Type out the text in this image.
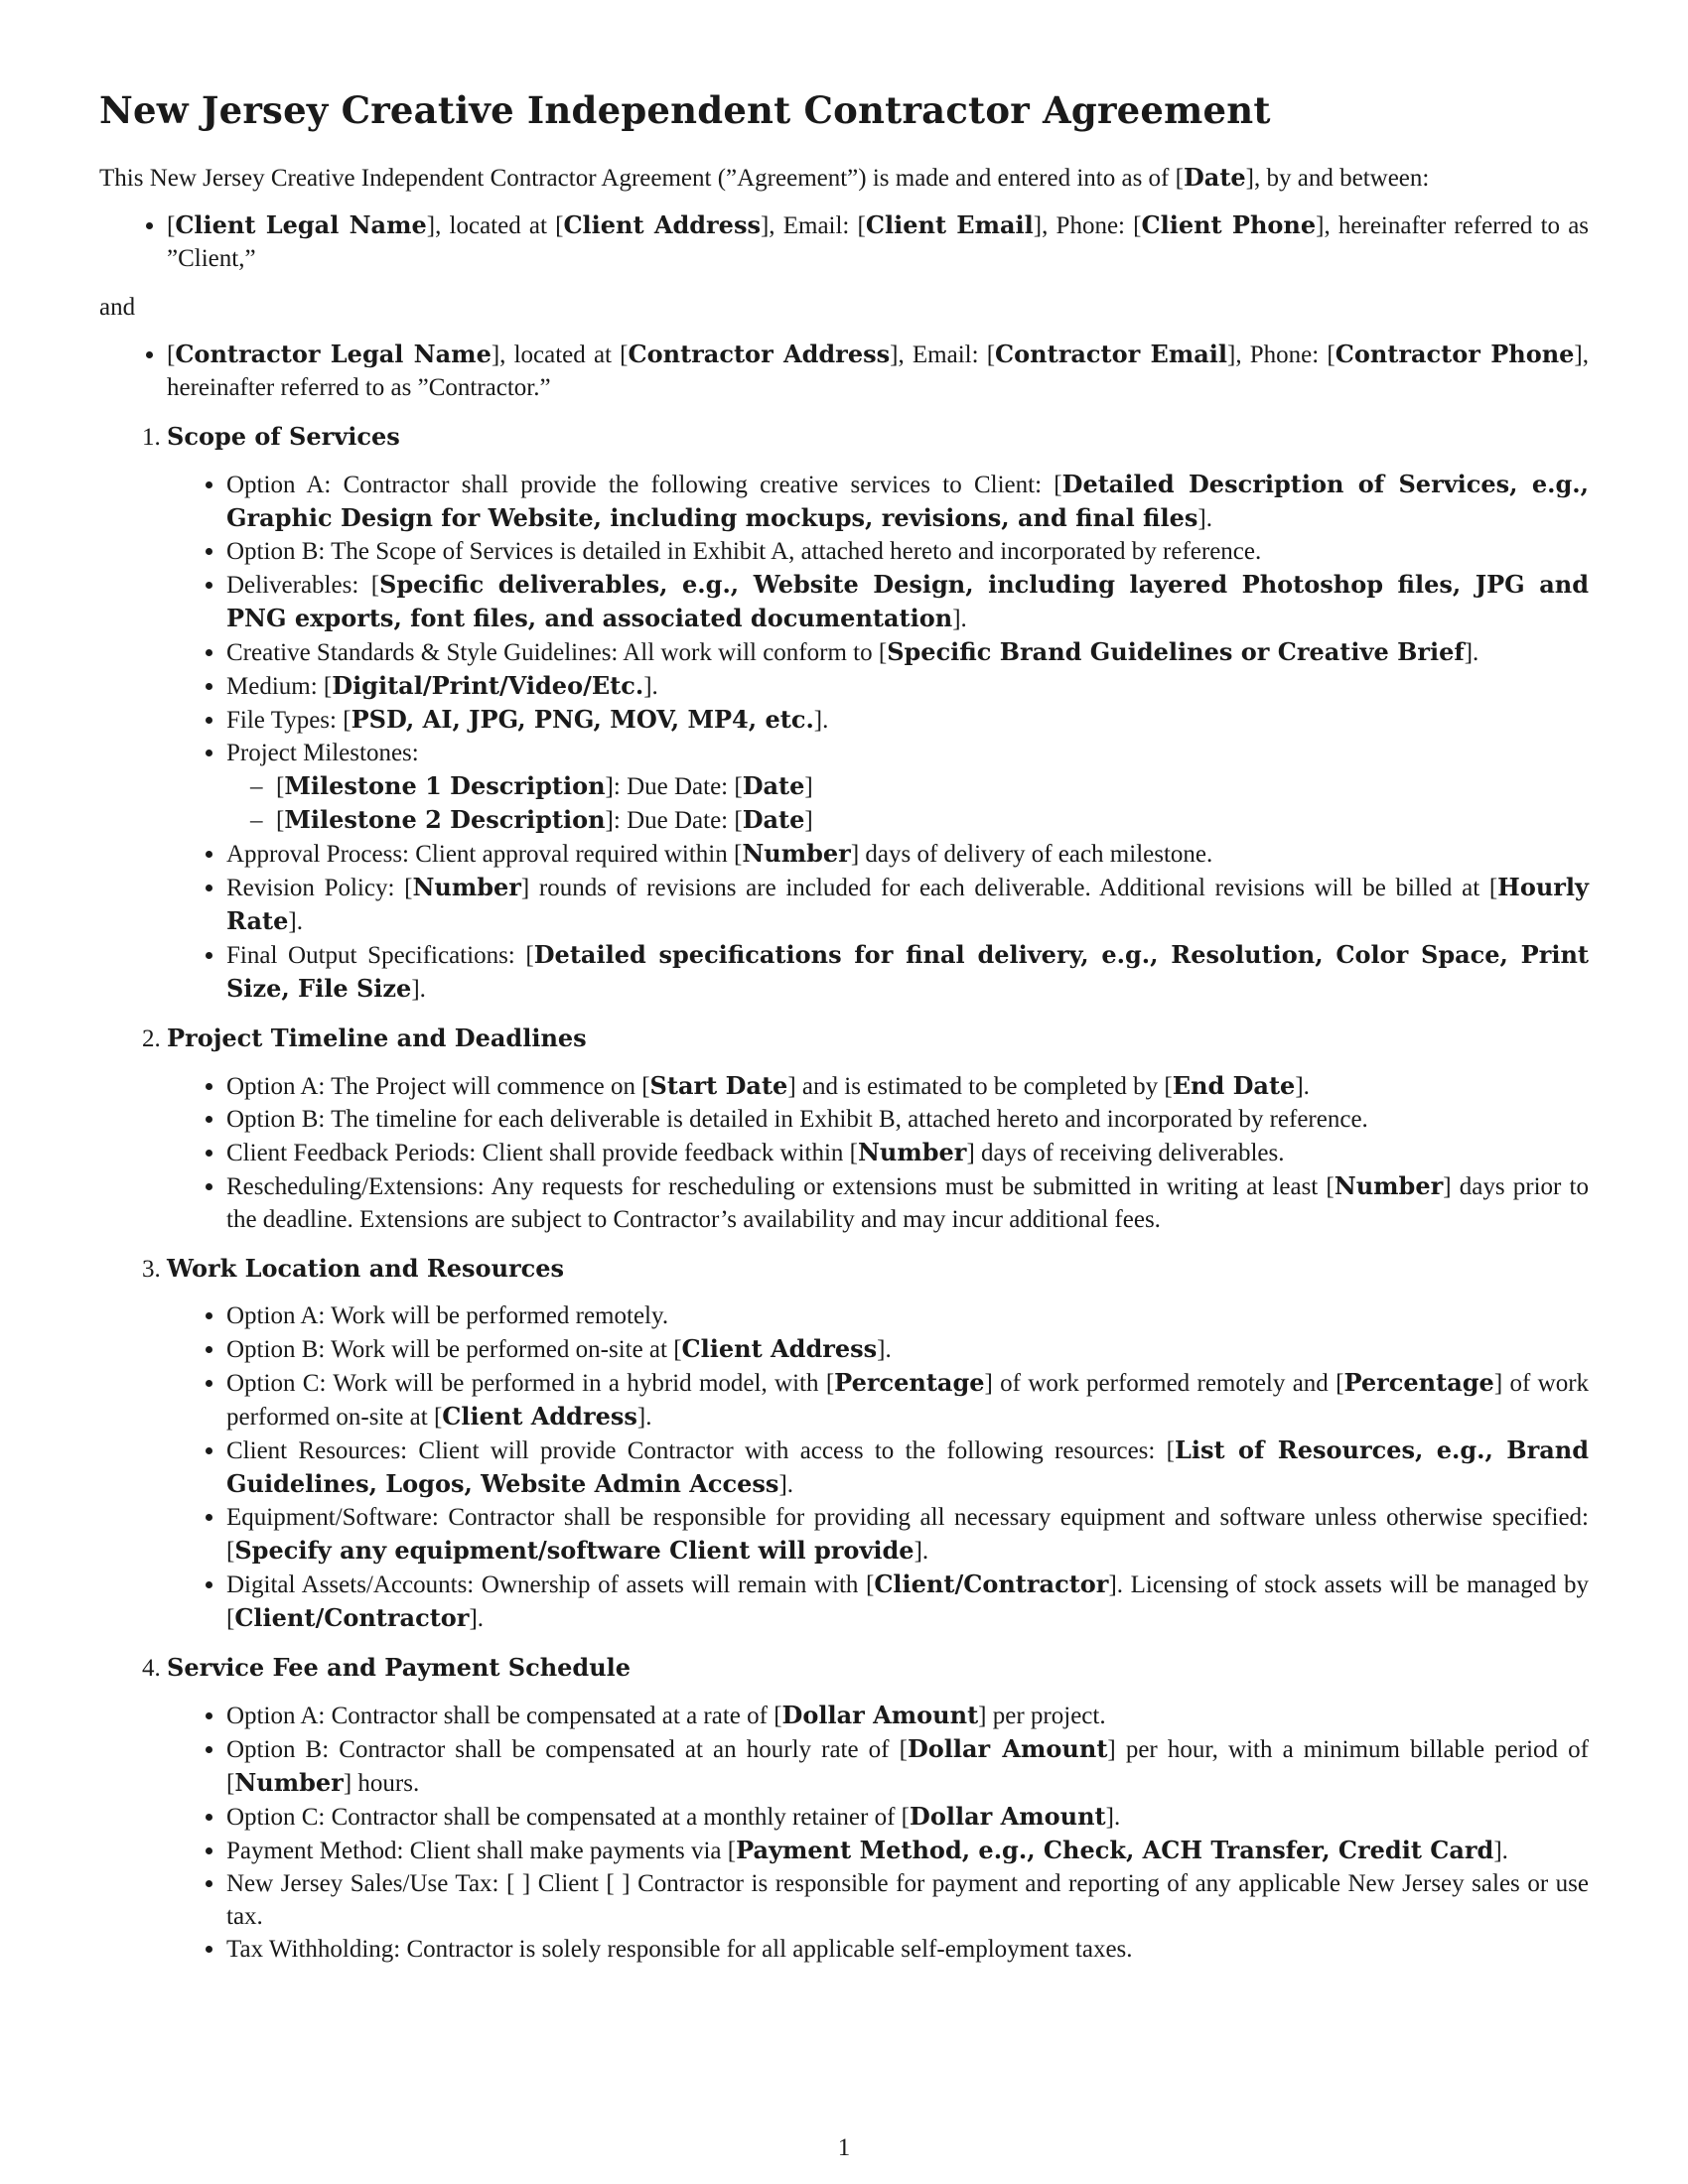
New Jersey Creative Independent Contractor Agreement

This New Jersey Creative Independent Contractor Agreement (”Agreement”) is made and entered into as of [Date], by and between:

• [Client Legal Name], located at [Client Address], Email: [Client Email], Phone: [Client Phone], hereinafter referred to as ”Client,”

and

• [Contractor Legal Name], located at [Contractor Address], Email: [Contractor Email], Phone: [Contractor Phone], hereinafter referred to as ”Contractor.”
1. Scope of Services
• Option A: Contractor shall provide the following creative services to Client: [Detailed Description of Services, e.g., Graphic Design for Website, including mockups, revisions, and final files].
• Option B: The Scope of Services is detailed in Exhibit A, attached hereto and incorporated by reference.
• Deliverables: [Specific deliverables, e.g., Website Design, including layered Photoshop files, JPG and PNG exports, font files, and associated documentation].
• Creative Standards & Style Guidelines: All work will conform to [Specific Brand Guidelines or Creative Brief].
• Medium: [Digital/Print/Video/Etc.].
• File Types: [PSD, AI, JPG, PNG, MOV, MP4, etc.].
• Project Milestones:
– [Milestone 1 Description]: Due Date: [Date]
– [Milestone 2 Description]: Due Date: [Date]
• Approval Process: Client approval required within [Number] days of delivery of each milestone.
• Revision Policy: [Number] rounds of revisions are included for each deliverable. Additional revisions will be billed at [Hourly Rate].
• Final Output Specifications: [Detailed specifications for final delivery, e.g., Resolution, Color Space, Print Size, File Size].
2. Project Timeline and Deadlines
• Option A: The Project will commence on [Start Date] and is estimated to be completed by [End Date].
• Option B: The timeline for each deliverable is detailed in Exhibit B, attached hereto and incorporated by reference.
• Client Feedback Periods: Client shall provide feedback within [Number] days of receiving deliverables.
• Rescheduling/Extensions: Any requests for rescheduling or extensions must be submitted in writing at least [Number] days prior to the deadline. Extensions are subject to Contractor’s availability and may incur additional fees.
3. Work Location and Resources
• Option A: Work will be performed remotely.
• Option B: Work will be performed on-site at [Client Address].
• Option C: Work will be performed in a hybrid model, with [Percentage] of work performed remotely and [Percentage] of work performed on-site at [Client Address].
• Client Resources: Client will provide Contractor with access to the following resources: [List of Resources, e.g., Brand Guidelines, Logos, Website Admin Access].
• Equipment/Software: Contractor shall be responsible for providing all necessary equipment and software unless otherwise specified: [Specify any equipment/software Client will provide].
• Digital Assets/Accounts: Ownership of assets will remain with [Client/Contractor]. Licensing of stock assets will be managed by [Client/Contractor].
4. Service Fee and Payment Schedule
• Option A: Contractor shall be compensated at a rate of [Dollar Amount] per project.
• Option B: Contractor shall be compensated at an hourly rate of [Dollar Amount] per hour, with a minimum billable period of [Number] hours.
• Option C: Contractor shall be compensated at a monthly retainer of [Dollar Amount].
• Payment Method: Client shall make payments via [Payment Method, e.g., Check, ACH Transfer, Credit Card].
• New Jersey Sales/Use Tax: [ ] Client [ ] Contractor is responsible for payment and reporting of any applicable New Jersey sales or use tax.
• Tax Withholding: Contractor is solely responsible for all applicable self-employment taxes.
1
